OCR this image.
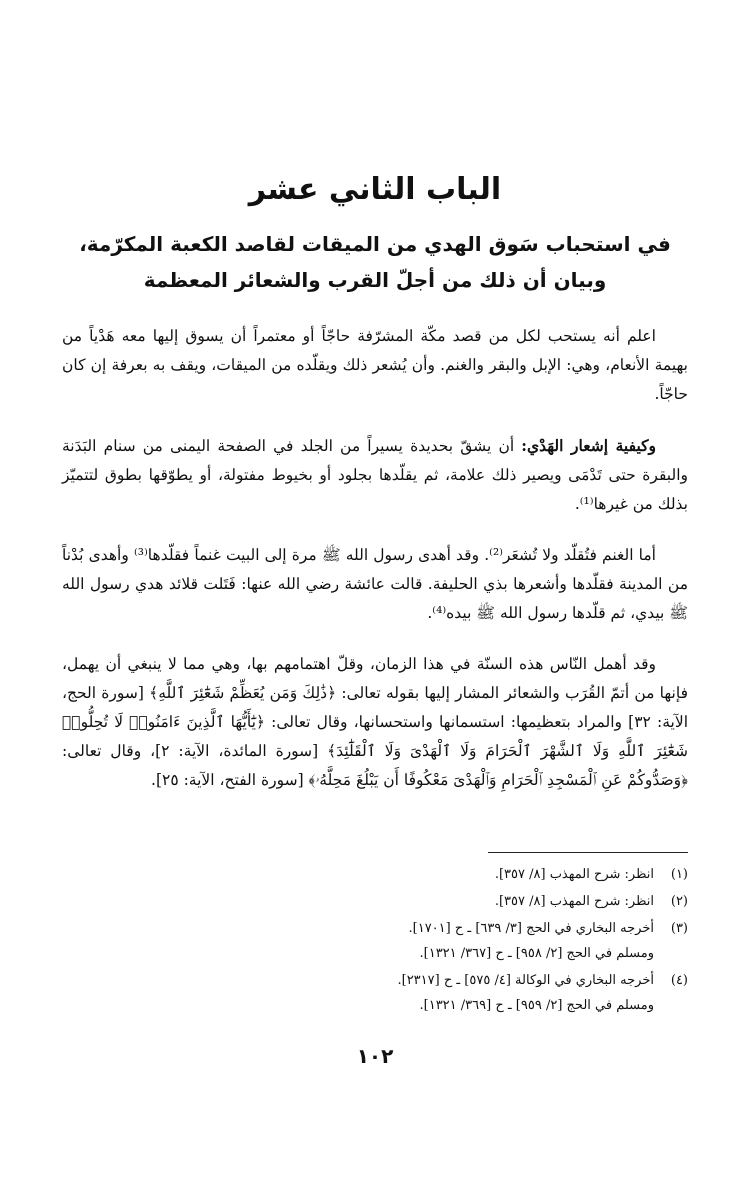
الباب الثاني عشر
في استحباب سَوق الهدي من الميقات لقاصد الكعبة المكرّمة،
وبيان أن ذلك من أجلّ القرب والشعائر المعظمة

اعلم أنه يستحب لكل من قصد مكّة المشرّفة حاجّاً أو معتمراً أن يسوق إليها معه هَدْياً من بهيمة الأنعام، وهي: الإبل والبقر والغنم. وأن يُشعر ذلك ويقلّده من الميقات، ويقف به بعرفة إن كان حاجّاً.

وكيفية إشعار الهَدْي: أن يشقّ بحديدة يسيراً من الجلد في الصفحة اليمنى من سنام البَدَنة والبقرة حتى تَدْمَى ويصير ذلك علامة، ثم يقلّدها بجلود أو بخيوط مفتولة، أو يطوّقها بطوق لتتميّز بذلك من غيرها⁽¹⁾.

أما الغنم فتُقلّد ولا تُشعَر⁽²⁾. وقد أهدى رسول الله ﷺ مرة إلى البيت غنماً فقلّدها⁽³⁾ وأهدى بُدْناً من المدينة فقلّدها وأشعرها بذي الحليفة. قالت عائشة رضي الله عنها: فَتَلت قلائد هدي رسول الله ﷺ بيدي، ثم قلّدها رسول الله ﷺ بيده⁽⁴⁾.

وقد أهمل النّاس هذه السنّة في هذا الزمان، وقلّ اهتمامهم بها، وهي مما لا ينبغي أن يهمل، فإنها من أتمّ القُرَب والشعائر المشار إليها بقوله تعالى: ﴿ذَٰلِكَ وَمَن يُعَظِّمْ شَعَٰٓئِرَ ٱللَّهِ﴾ [سورة الحج، الآية: ٣٢] والمراد بتعظيمها: استسمانها واستحسانها، وقال تعالى: ﴿يَٰٓأَيُّهَا ٱلَّذِينَ ءَامَنُوا۟ لَا تُحِلُّوا۟ شَعَٰٓئِرَ ٱللَّهِ وَلَا ٱلشَّهْرَ ٱلْحَرَامَ وَلَا ٱلْهَدْىَ وَلَا ٱلْقَلَٰٓئِدَ﴾ [سورة المائدة، الآية: ٢]، وقال تعالى: ﴿وَصَدُّوكُمْ عَنِ ٱلْمَسْجِدِ ٱلْحَرَامِ وَٱلْهَدْىَ مَعْكُوفًا أَن يَبْلُغَ مَحِلَّهُۥ﴾ [سورة الفتح، الآية: ٢٥].

(١)
انظر: شرح المهذب [٨/ ٣٥٧].
(٢)
انظر: شرح المهذب [٨/ ٣٥٧].
(٣)
أخرجه البخاري في الحج [٣/ ٦٣٩] ـ ح [١٧٠١].
ومسلم في الحج [٢/ ٩٥٨] ـ ح [٣٦٧/ ١٣٢١].
(٤)
أخرجه البخاري في الوكالة [٤/ ٥٧٥] ـ ح [٢٣١٧].
ومسلم في الحج [٢/ ٩٥٩] ـ ح [٣٦٩/ ١٣٢١].
١٠٢
